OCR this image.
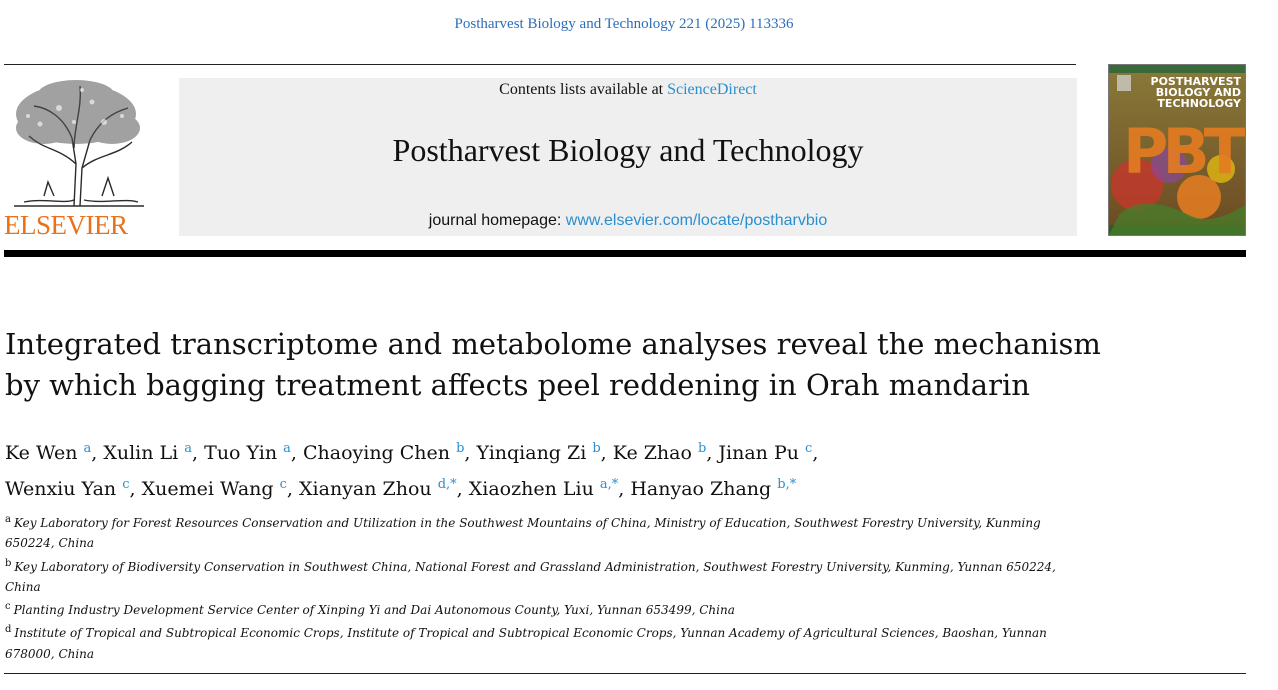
Postharvest Biology and Technology 221 (2025) 113336
ELSEVIER
Contents lists available at ScienceDirect
Postharvest Biology and Technology
journal homepage: www.elsevier.com/locate/postharvbio
POSTHARVEST BIOLOGY AND TECHNOLOGY
PBT
Integrated transcriptome and metabolome analyses reveal the mechanism
by which bagging treatment affects peel reddening in Orah mandarin
Ke Wen $^a$, Xulin Li $^a$, Tuo Yin $^a$, Chaoying Chen $^b$, Yinqiang Zi $^b$, Ke Zhao $^b$, Jinan Pu $^c$,
Wenxiu Yan $^c$, Xuemei Wang $^c$, Xianyan Zhou $^{d,*}$, Xiaozhen Liu $^{a,*}$, Hanyao Zhang $^{b,*}$

$^a$ Key Laboratory for Forest Resources Conservation and Utilization in the Southwest Mountains of China, Ministry of Education, Southwest Forestry University, Kunming 650224, China

$^b$ Key Laboratory of Biodiversity Conservation in Southwest China, National Forest and Grassland Administration, Southwest Forestry University, Kunming, Yunnan 650224, China

$^c$ Planting Industry Development Service Center of Xinping Yi and Dai Autonomous County, Yuxi, Yunnan 653499, China

$^d$ Institute of Tropical and Subtropical Economic Crops, Institute of Tropical and Subtropical Economic Crops, Yunnan Academy of Agricultural Sciences, Baoshan, Yunnan 678000, China
